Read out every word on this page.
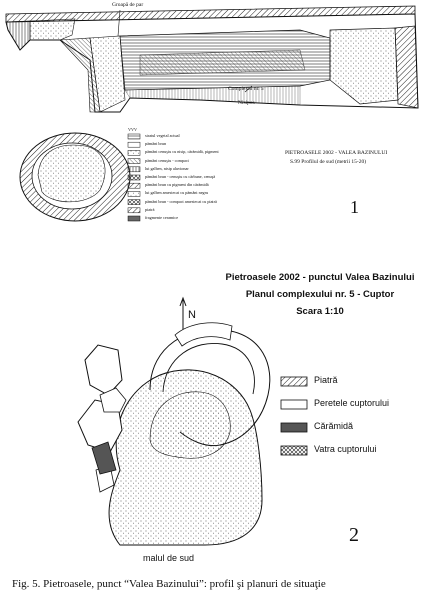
Groapă de par
Complexul nr. 5
Nisipos
VVV
stratul vegetal actual
pământ brun
pământ cenuşiu cu nisip, cărămidă, pigment
pământ cenuşiu - compact
lut galben, nisip aluvionar
pământ brun - cenuşiu cu cărbune, cenuşă
pământ brun cu pigment din cărămidă
lut galben amestecat cu pământ negru
pământ brun - compact amestecat cu piatră
piatră
fragmente ceramice
PIETROASELE 2002 - VALEA BAZINULUI
S.99 Profilul de sud (metrii 15-20)
1
Pietroasele 2002 - punctul Valea Bazinului
Planul complexului nr. 5 - Cuptor
Scara 1:10
N
Piatră
Peretele cuptorului
Cărămidă
Vatra cuptorului
malul de sud
2
Fig. 5. Pietroasele, punct “Valea Bazinului”: profil şi planuri de situaţie
